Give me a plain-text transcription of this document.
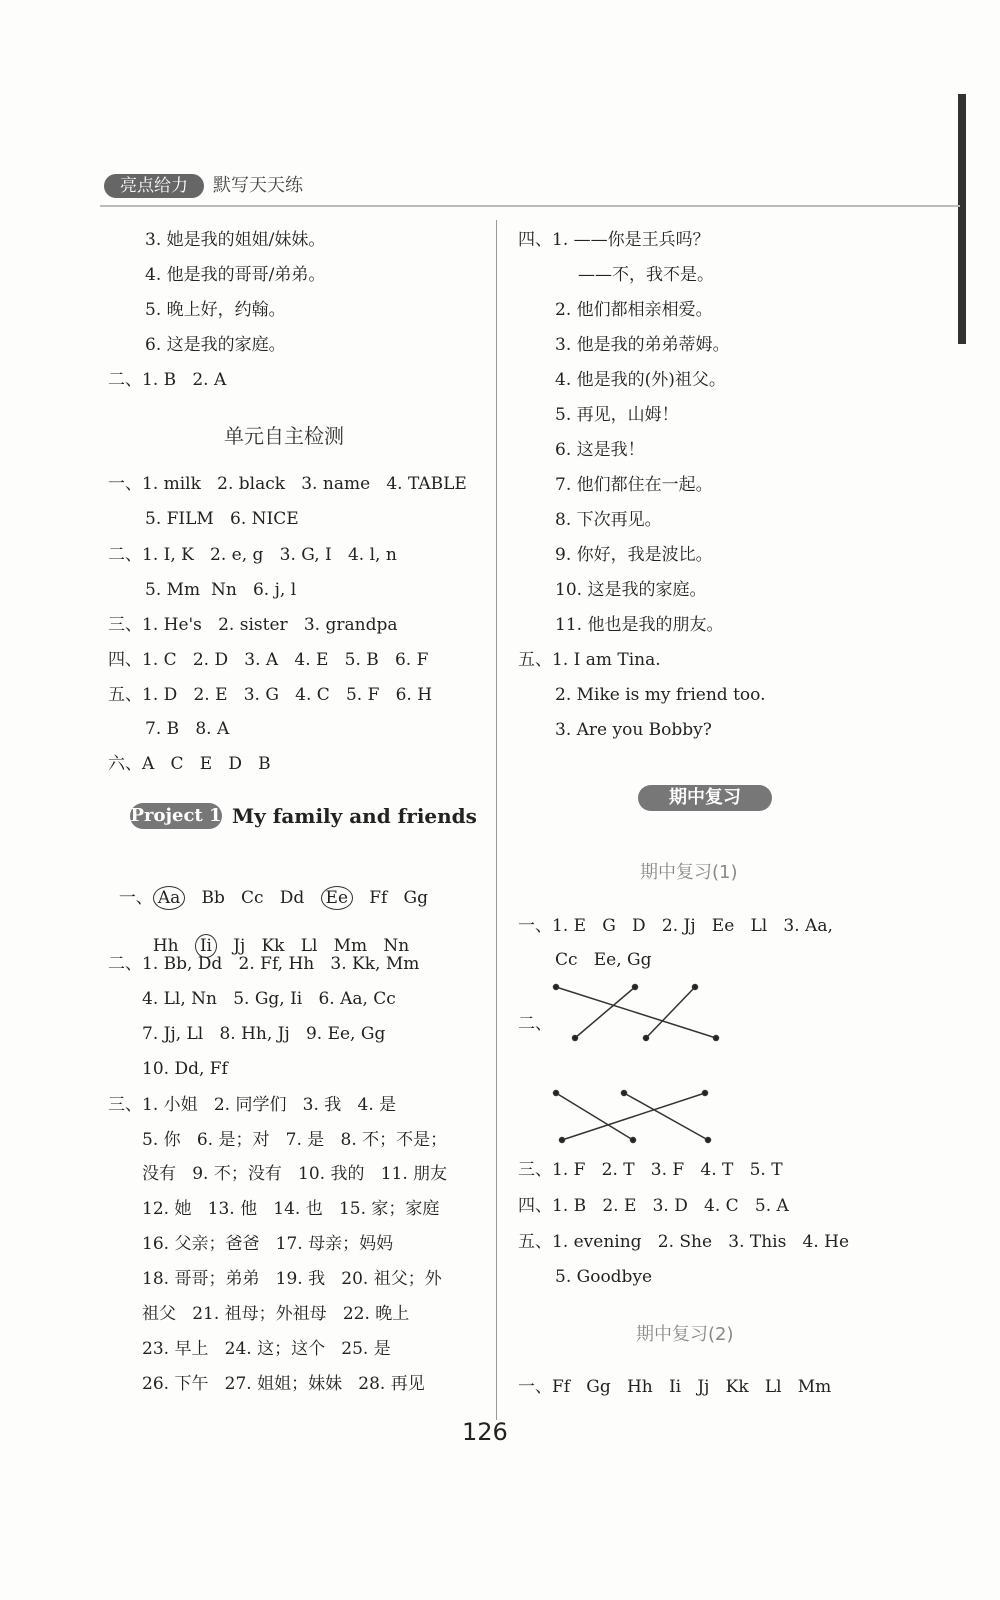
亮点给力	默写天天练
3. 她是我的姐姐/妹妹。
4. 他是我的哥哥/弟弟。
5. 晚上好，约翰。
6. 这是我的家庭。
二、1. B   2. A
单元自主检测
一、1. milk   2. black   3. name   4. TABLE
5. FILM   6. NICE
二、1. I, K   2. e, g   3. G, I   4. l, n
5. Mm  Nn   6. j, l
三、1. He's   2. sister   3. grandpa
四、1. C   2. D   3. A   4. E   5. B   6. F
五、1. D   2. E   3. G   4. C   5. F   6. H
7. B   8. A
六、A   C   E   D   B
Project 1 My family and friends

一、 Aa Bb Cc Dd Ee Ff Gg

Hh Ii Jj   Kk   Ll   Mm   Nn

二、1. Bb, Dd   2. Ff, Hh   3. Kk, Mm
4. Ll, Nn   5. Gg, Ii   6. Aa, Cc
7. Jj, Ll   8. Hh, Jj   9. Ee, Gg
10. Dd, Ff
三、1. 小姐   2. 同学们   3. 我   4. 是
5. 你   6. 是；对   7. 是   8. 不；不是；
没有   9. 不；没有   10. 我的   11. 朋友
12. 她   13. 他   14. 也   15. 家；家庭
16. 父亲；爸爸   17. 母亲；妈妈
18. 哥哥；弟弟   19. 我   20. 祖父；外
祖父   21. 祖母；外祖母   22. 晚上
23. 早上   24. 这；这个   25. 是
26. 下午   27. 姐姐；妹妹   28. 再见
四、1. ——你是王兵吗？
——不，我不是。
2. 他们都相亲相爱。
3. 他是我的弟弟蒂姆。
4. 他是我的(外)祖父。
5. 再见，山姆！
6. 这是我！
7. 他们都住在一起。
8. 下次再见。
9. 你好，我是波比。
10. 这是我的家庭。
11. 他也是我的朋友。
五、1. I am Tina.
2. Mike is my friend too.
3. Are you Bobby?
期中复习
期中复习(1)
一、1. E   G   D   2. Jj   Ee   Ll   3. Aa,
Cc   Ee, Gg
二、
三、1. F   2. T   3. F   4. T   5. T
四、1. B   2. E   3. D   4. C   5. A
五、1. evening   2. She   3. This   4. He
5. Goodbye
期中复习(2)
一、Ff   Gg   Hh   Ii   Jj   Kk   Ll   Mm
126
